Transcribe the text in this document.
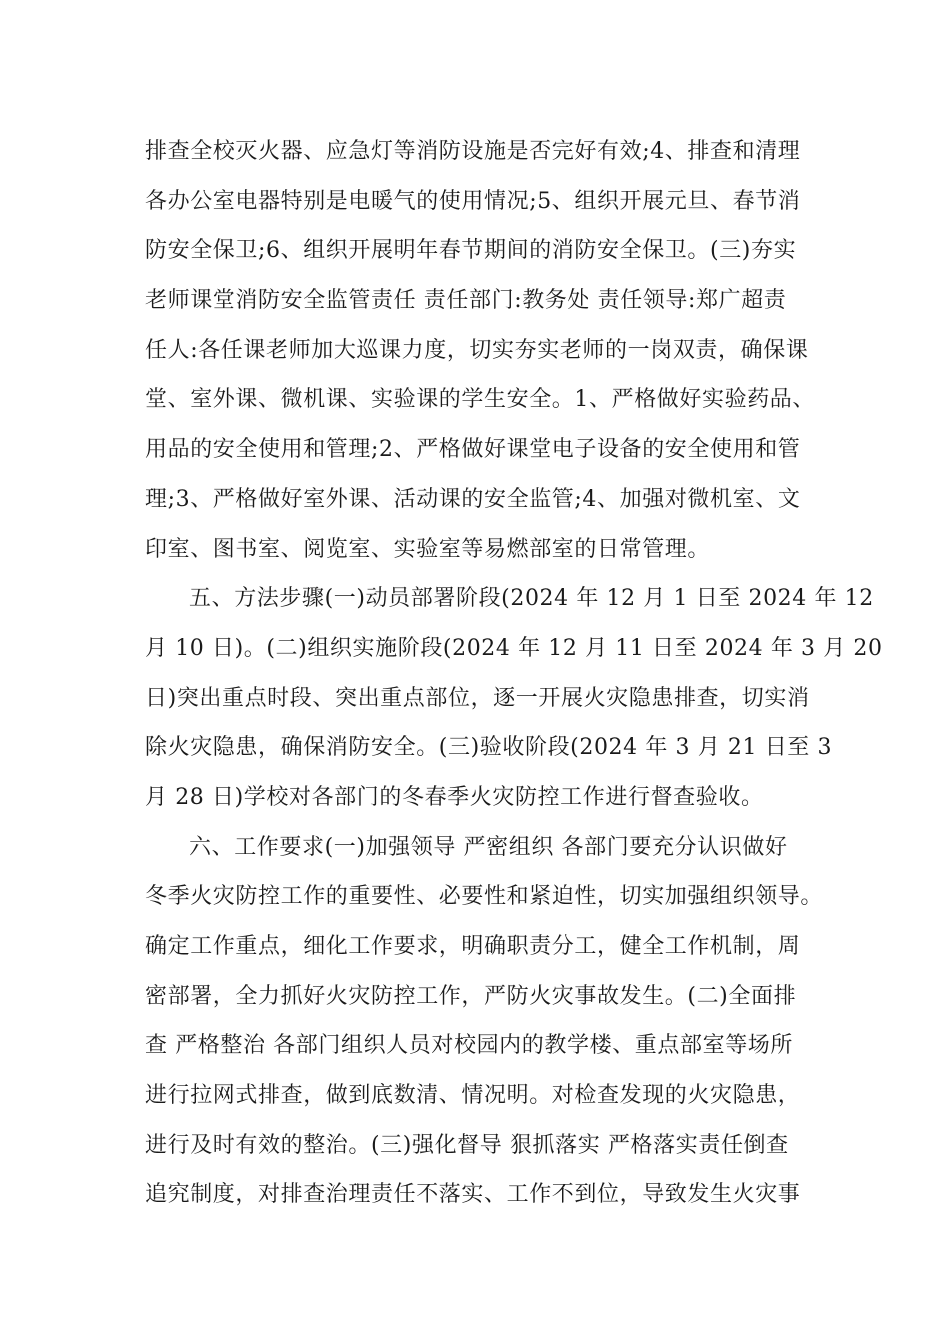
排查全校灭火器、应急灯等消防设施是否完好有效;4、排查和清理
各办公室电器特别是电暖气的使用情况;5、组织开展元旦、春节消
防安全保卫;6、组织开展明年春节期间的消防安全保卫。(三)夯实
老师课堂消防安全监管责任 责任部门:教务处 责任领导:郑广超责
任人:各任课老师加大巡课力度，切实夯实老师的一岗双责，确保课
堂、室外课、微机课、实验课的学生安全。1、严格做好实验药品、
用品的安全使用和管理;2、严格做好课堂电子设备的安全使用和管
理;3、严格做好室外课、活动课的安全监管;4、加强对微机室、文
印室、图书室、阅览室、实验室等易燃部室的日常管理。
五、方法步骤(一)动员部署阶段(2024 年 12 月 1 日至 2024 年 12
月 10 日)。(二)组织实施阶段(2024 年 12 月 11 日至 2024 年 3 月 20
日)突出重点时段、突出重点部位，逐一开展火灾隐患排查，切实消
除火灾隐患，确保消防安全。(三)验收阶段(2024 年 3 月 21 日至 3
月 28 日)学校对各部门的冬春季火灾防控工作进行督查验收。
六、工作要求(一)加强领导 严密组织 各部门要充分认识做好
冬季火灾防控工作的重要性、必要性和紧迫性，切实加强组织领导。
确定工作重点，细化工作要求，明确职责分工，健全工作机制，周
密部署，全力抓好火灾防控工作，严防火灾事故发生。(二)全面排
查 严格整治 各部门组织人员对校园内的教学楼、重点部室等场所
进行拉网式排查，做到底数清、情况明。对检查发现的火灾隐患，
进行及时有效的整治。(三)强化督导 狠抓落实 严格落实责任倒查
追究制度，对排查治理责任不落实、工作不到位，导致发生火灾事
